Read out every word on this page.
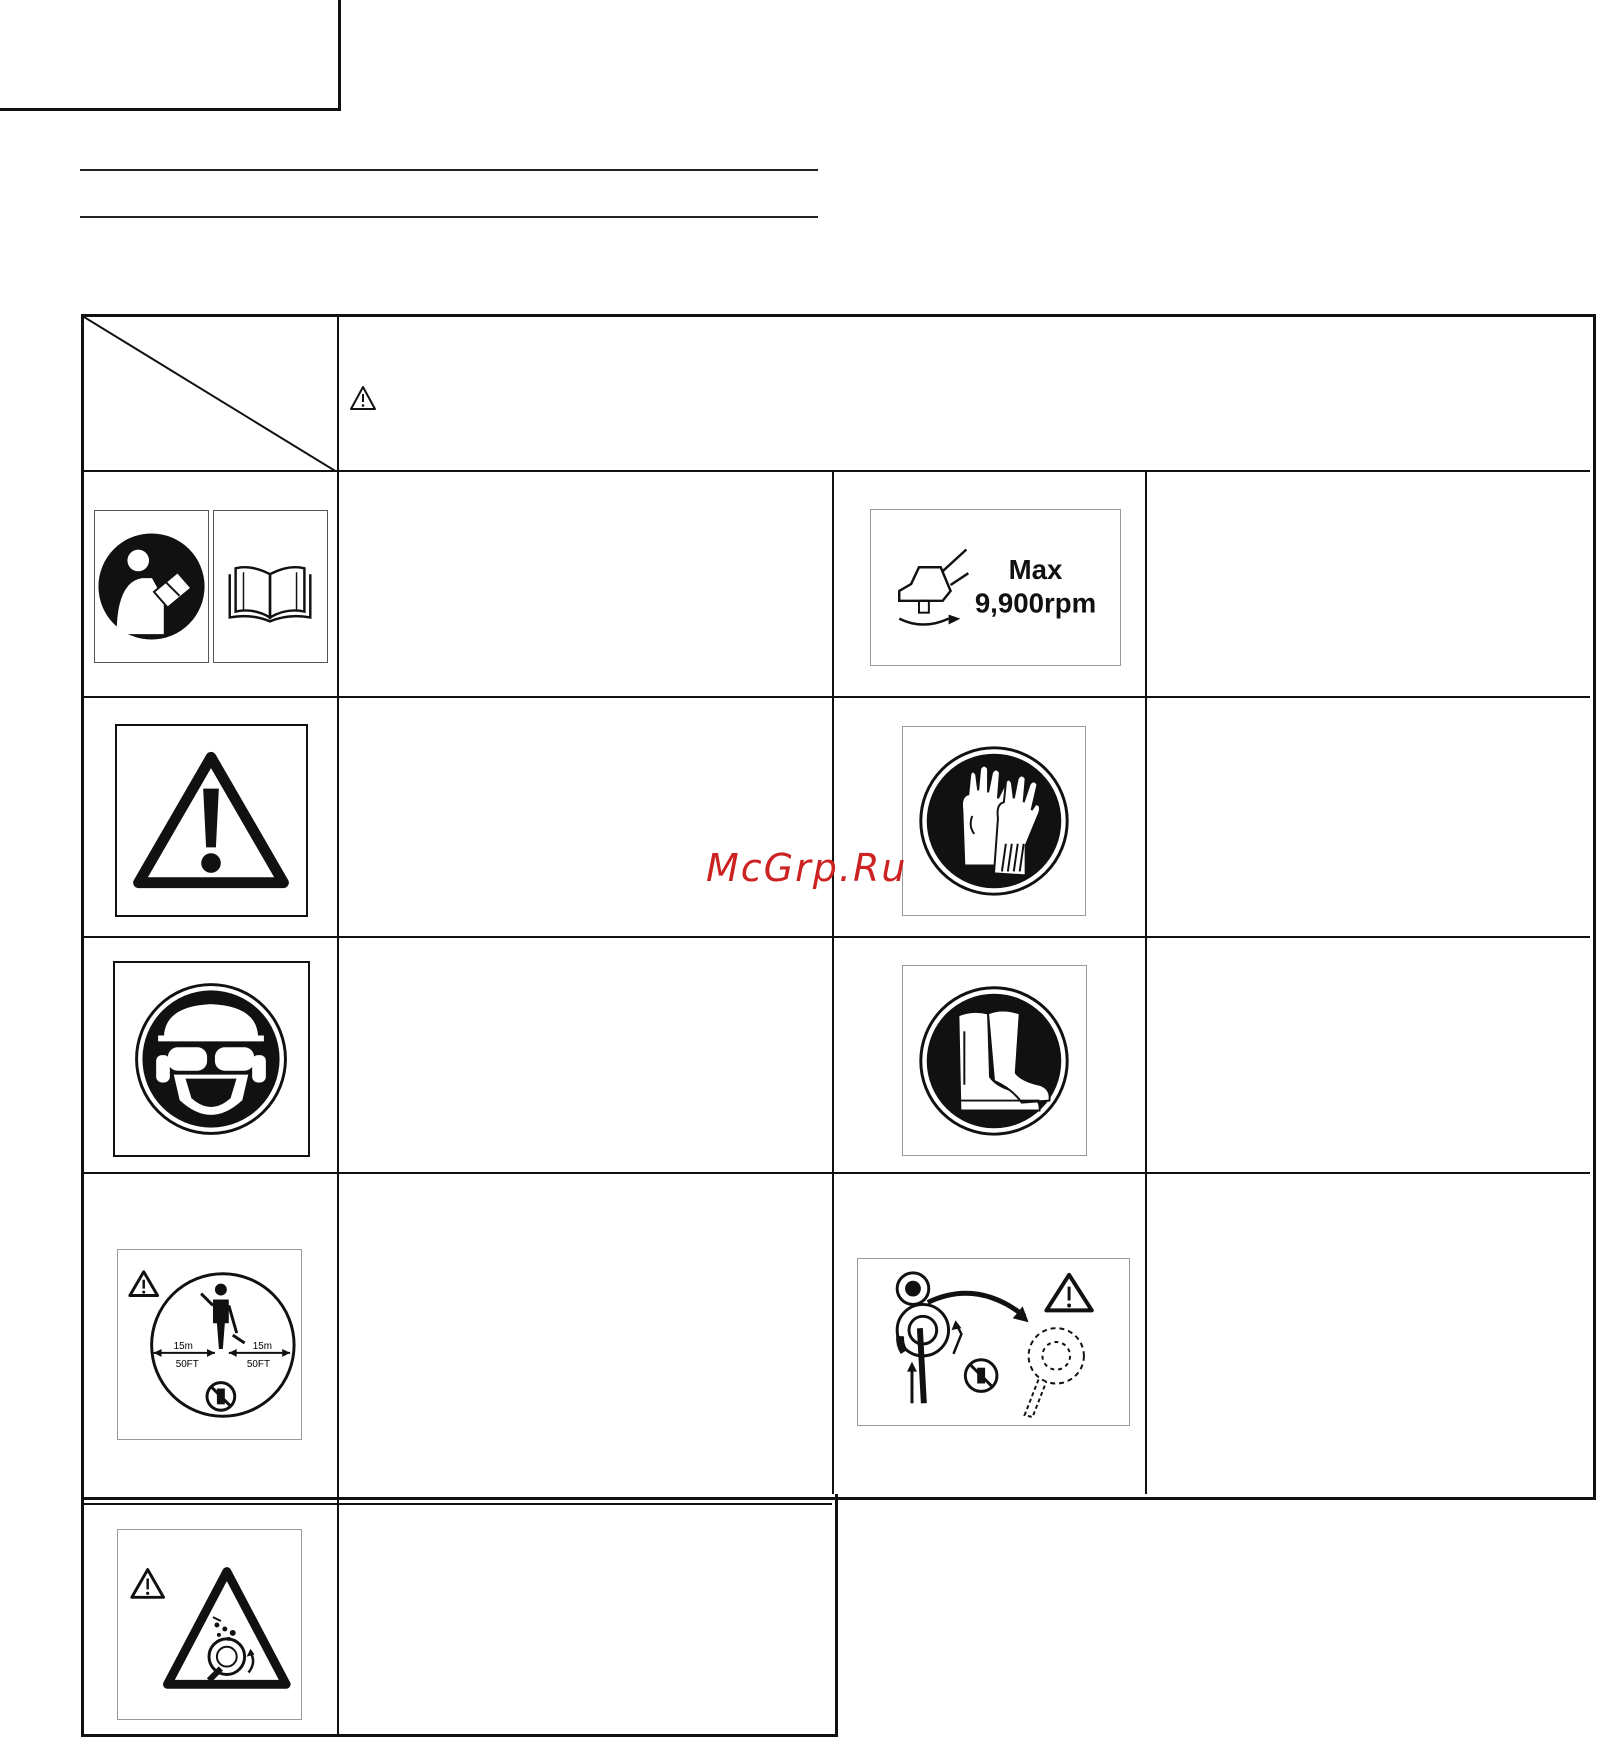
Max
9,900rpm
McGrp.Ru
15m
50FT
15m
50FT
